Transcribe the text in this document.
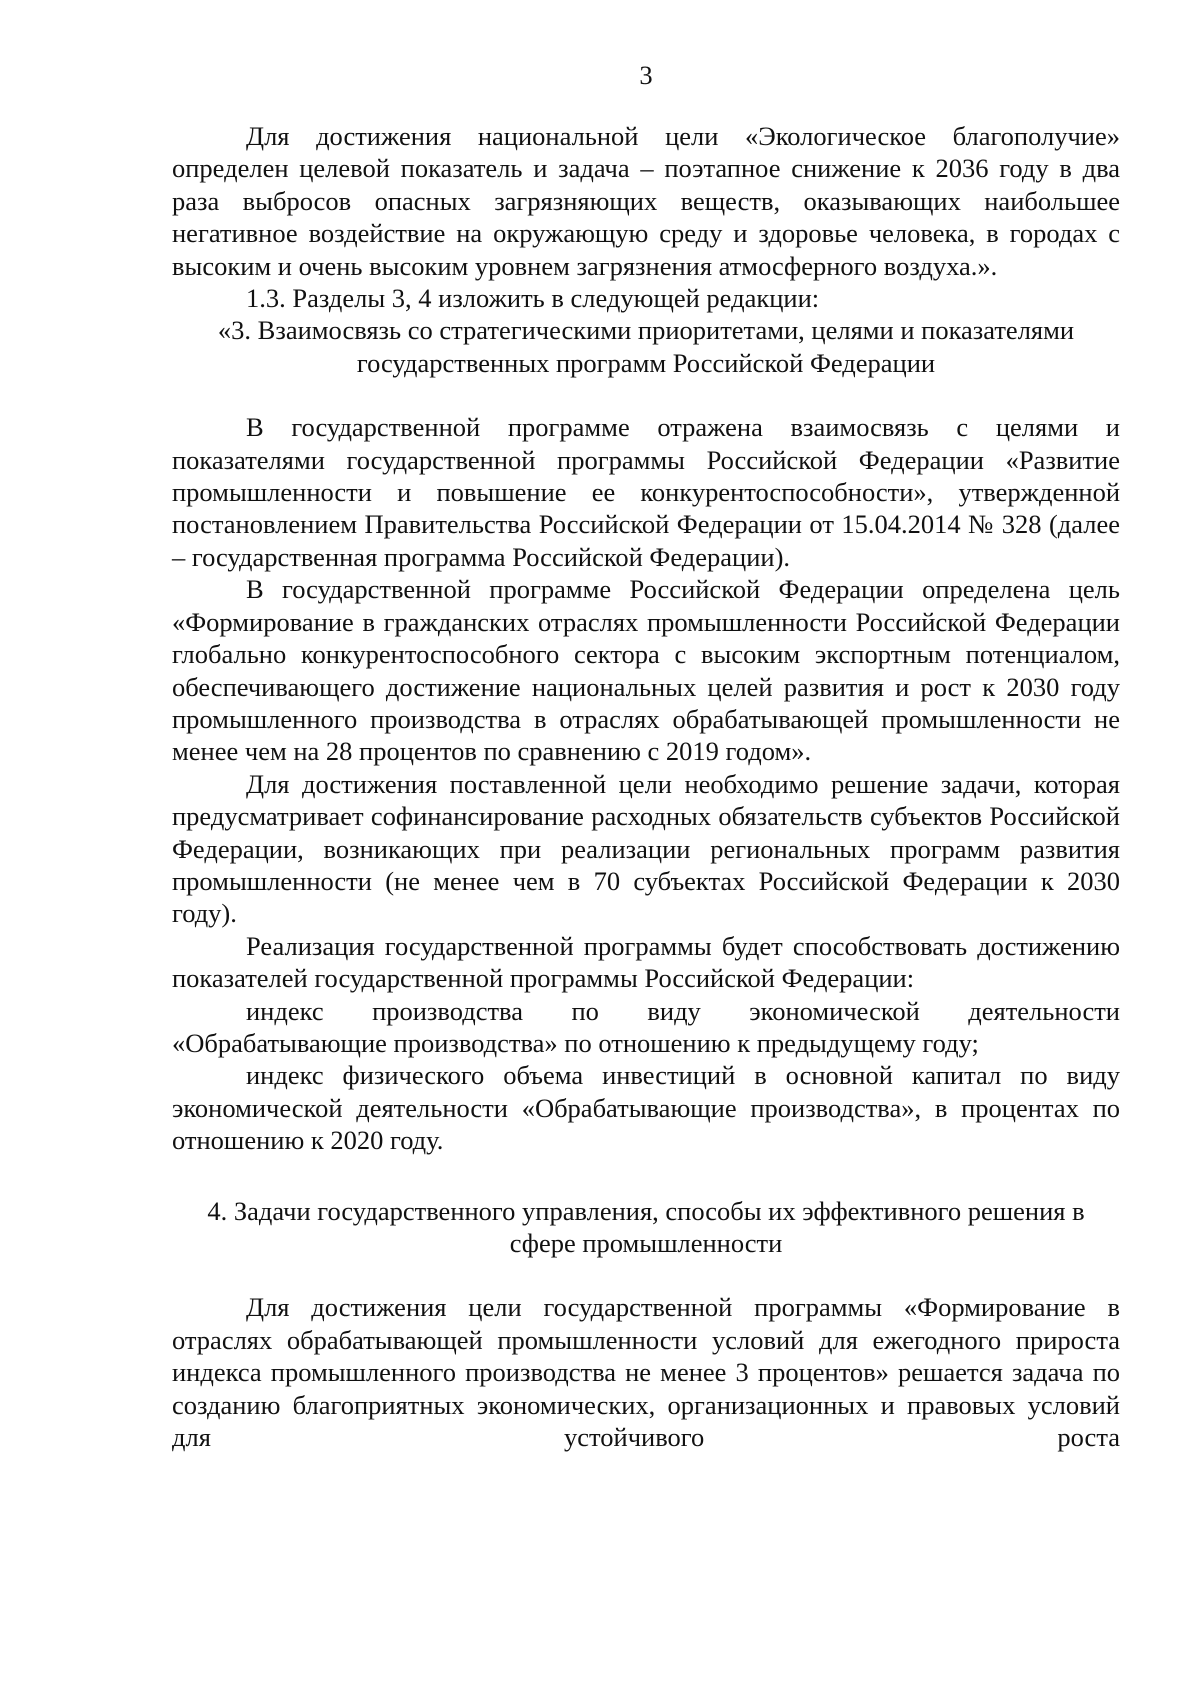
3

Для достижения национальной цели «Экологическое благополучие» определен целевой показатель и задача – поэтапное снижение к 2036 году в два раза выбросов опасных загрязняющих веществ, оказывающих наибольшее негативное воздействие на окружающую среду и здоровье человека, в городах с высоким и очень высоким уровнем загрязнения атмосферного воздуха.».

1.3. Разделы 3, 4 изложить в следующей редакции:

«3. Взаимосвязь со стратегическими приоритетами, целями и показателями государственных программ Российской Федерации

В государственной программе отражена взаимосвязь с целями и показателями государственной программы Российской Федерации «Развитие промышленности и повышение ее конкурентоспособности», утвержденной постановлением Правительства Российской Федерации от 15.04.2014 № 328 (далее – государственная программа Российской Федерации).

В государственной программе Российской Федерации определена цель «Формирование в гражданских отраслях промышленности Российской Федерации глобально конкурентоспособного сектора с высоким экспортным потенциалом, обеспечивающего достижение национальных целей развития и рост к 2030 году промышленного производства в отраслях обрабатывающей промышленности не менее чем на 28 процентов по сравнению с 2019 годом».

Для достижения поставленной цели необходимо решение задачи, которая предусматривает софинансирование расходных обязательств субъектов Российской Федерации, возникающих при реализации региональных программ развития промышленности (не менее чем в 70 субъектах Российской Федерации к 2030 году).

Реализация государственной программы будет способствовать достижению показателей государственной программы Российской Федерации:

индекс производства по виду экономической деятельности «Обрабатывающие производства» по отношению к предыдущему году;

индекс физического объема инвестиций в основной капитал по виду экономической деятельности «Обрабатывающие производства», в процентах по отношению к 2020 году.

4. Задачи государственного управления, способы их эффективного решения в сфере промышленности

Для достижения цели государственной программы «Формирование в отраслях обрабатывающей промышленности условий для ежегодного прироста индекса промышленного производства не менее 3 процентов» решается задача по созданию благоприятных экономических, организационных и правовых условий для устойчивого роста
